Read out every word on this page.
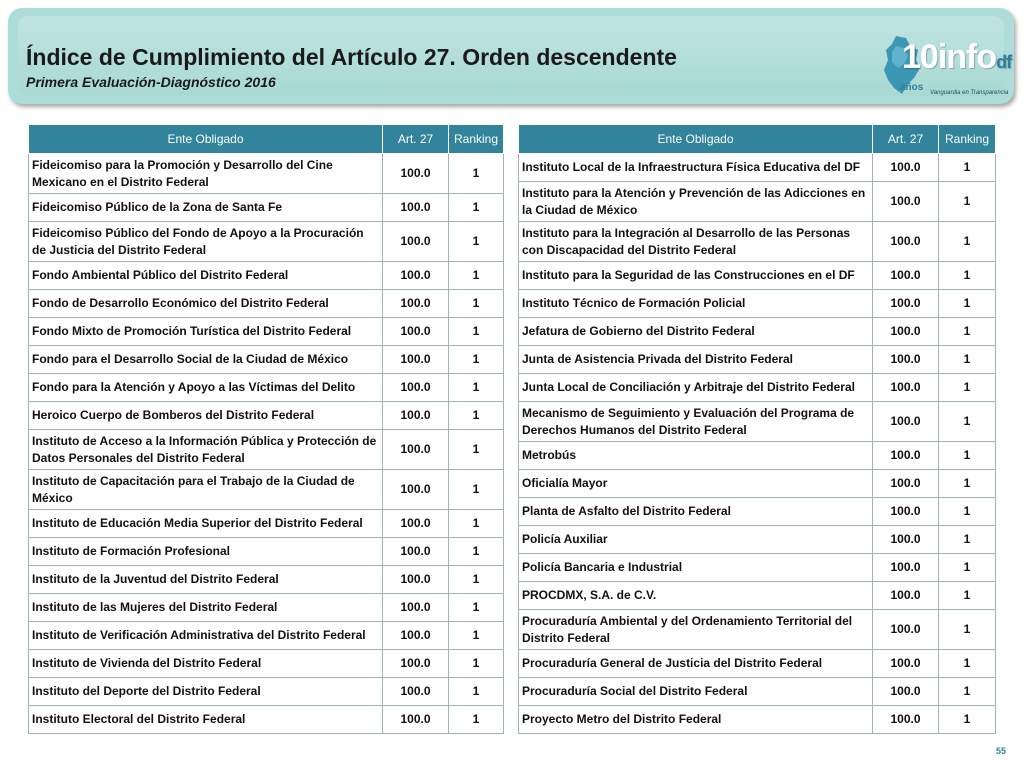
Índice de Cumplimiento del Artículo 27. Orden descendente
Primera Evaluación-Diagnóstico 2016
10infodf
años Vanguardia en Transparencia
Ente Obligado	Art. 27	Ranking
Fideicomiso para la Promoción y Desarrollo del Cine Mexicano en el Distrito Federal	100.0	1
Fideicomiso Público de la Zona de Santa Fe	100.0	1
Fideicomiso Público del Fondo de Apoyo a la Procuración de Justicia del Distrito Federal	100.0	1
Fondo Ambiental Público del Distrito Federal	100.0	1
Fondo de Desarrollo Económico del Distrito Federal	100.0	1
Fondo Mixto de Promoción Turística del Distrito Federal	100.0	1
Fondo para el Desarrollo Social de la Ciudad de México	100.0	1
Fondo para la Atención y Apoyo a las Víctimas del Delito	100.0	1
Heroico Cuerpo de Bomberos del Distrito Federal	100.0	1
Instituto de Acceso a la Información Pública y Protección de Datos Personales del Distrito Federal	100.0	1
Instituto de Capacitación para el Trabajo de la Ciudad de México	100.0	1
Instituto de Educación Media Superior del Distrito Federal	100.0	1
Instituto de Formación Profesional	100.0	1
Instituto de la Juventud del Distrito Federal	100.0	1
Instituto de las Mujeres del Distrito Federal	100.0	1
Instituto de Verificación Administrativa del Distrito Federal	100.0	1
Instituto de Vivienda del Distrito Federal	100.0	1
Instituto del Deporte del Distrito Federal	100.0	1
Instituto Electoral del Distrito Federal	100.0	1
Ente Obligado	Art. 27	Ranking
Instituto Local de la Infraestructura Física Educativa del DF	100.0	1
Instituto para la Atención y Prevención de las Adicciones en la Ciudad de México	100.0	1
Instituto para la Integración al Desarrollo de las Personas con Discapacidad del Distrito Federal	100.0	1
Instituto para la Seguridad de las Construcciones en el DF	100.0	1
Instituto Técnico de Formación Policial	100.0	1
Jefatura de Gobierno del Distrito Federal	100.0	1
Junta de Asistencia Privada del Distrito Federal	100.0	1
Junta Local de Conciliación y Arbitraje del Distrito Federal	100.0	1
Mecanismo de Seguimiento y Evaluación del Programa de Derechos Humanos del Distrito Federal	100.0	1
Metrobús	100.0	1
Oficialía Mayor	100.0	1
Planta de Asfalto del Distrito Federal	100.0	1
Policía Auxiliar	100.0	1
Policía Bancaria e Industrial	100.0	1
PROCDMX, S.A. de C.V.	100.0	1
Procuraduría Ambiental y del Ordenamiento Territorial del Distrito Federal	100.0	1
Procuraduría General de Justicia del Distrito Federal	100.0	1
Procuraduría Social del Distrito Federal	100.0	1
Proyecto Metro del Distrito Federal	100.0	1
55
